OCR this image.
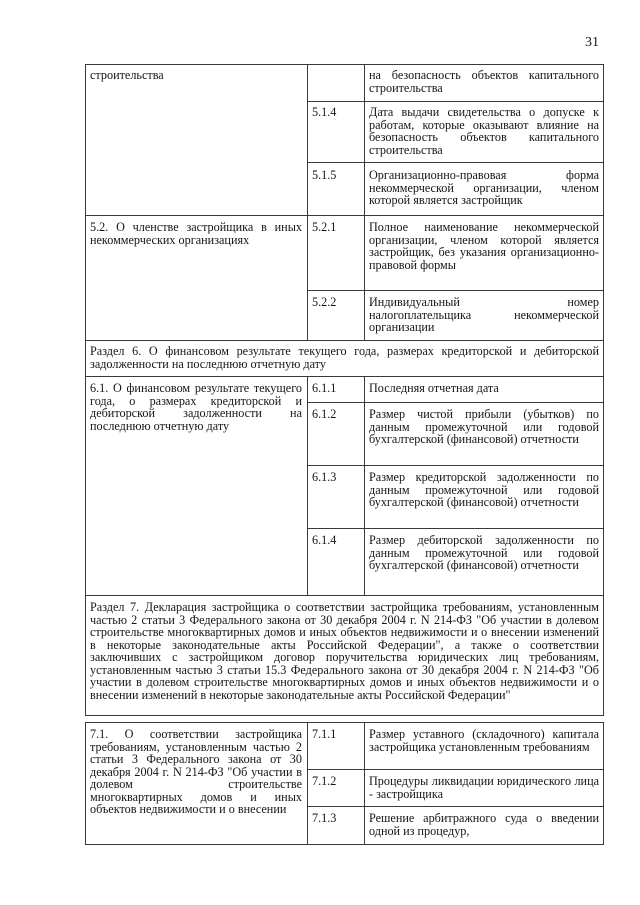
31
строительства	на безопасность объектов капитального строительства
5.1.4	Дата выдачи свидетельства о допуске к работам, которые оказывают влияние на безопасность объектов капитального строительства
5.1.5	Организационно-правовая форма некоммерческой организации, членом которой является застройщик
5.2. О членстве застройщика в иных некоммерческих организациях
5.2.1	Полное наименование некоммерческой организации, членом которой является застройщик, без указания организационно-правовой формы
5.2.2	Индивидуальный номер налогоплательщика некоммерческой организации
Раздел 6. О финансовом результате текущего года, размерах кредиторской и дебиторской задолженности на последнюю отчетную дату
6.1. О финансовом результате текущего года, о размерах кредиторской и дебиторской задолженности на последнюю отчетную дату
6.1.1	Последняя отчетная дата
6.1.2	Размер чистой прибыли (убытков) по данным промежуточной или годовой бухгалтерской (финансовой) отчетности
6.1.3	Размер кредиторской задолженности по данным промежуточной или годовой бухгалтерской (финансовой) отчетности
6.1.4	Размер дебиторской задолженности по данным промежуточной или годовой бухгалтерской (финансовой) отчетности
Раздел 7. Декларация застройщика о соответствии застройщика требованиям, установленным частью 2 статьи 3 Федерального закона от 30 декабря 2004 г. N 214-ФЗ "Об участии в долевом строительстве многоквартирных домов и иных объектов недвижимости и о внесении изменений в некоторые законодательные акты Российской Федерации", а также о соответствии заключивших с застройщиком договор поручительства юридических лиц требованиям, установленным частью 3 статьи 15.3 Федерального закона от 30 декабря 2004 г. N 214-ФЗ "Об участии в долевом строительстве многоквартирных домов и иных объектов недвижимости и о внесении изменений в некоторые законодательные акты Российской Федерации"
7.1. О соответствии застройщика требованиям, установленным частью 2 статьи 3 Федерального закона от 30 декабря 2004 г. N 214-ФЗ "Об участии в долевом строительстве многоквартирных домов и иных объектов недвижимости и о внесении
7.1.1	Размер уставного (складочного) капитала застройщика установленным требованиям
7.1.2	Процедуры ликвидации юридического лица - застройщика
7.1.3	Решение арбитражного суда о введении одной из процедур,
